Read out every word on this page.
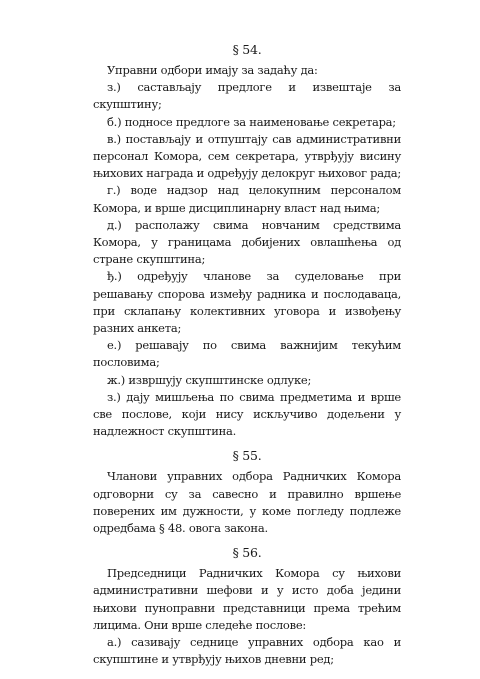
§ 54.

Управни одбори имају за задаћу да:

з.) састављају предлоге и извештаје за скупштину;

б.) подносе предлоге за наименовање секретара;

в.) постављају и отпуштају сав административни персонал Комора, сем секретара, утврђују висину њихових награда и одређују делокруг њиховог рада;

г.) воде надзор над целокупним персоналом Комора, и врше дисциплинарну власт над њима;

д.) располажу свима новчаним средствима Комора, у границама добијених овлашћења од стране скупштина;

ђ.) одређују чланове за суделовање при решавању спорова између радника и послодаваца, при склапању колективних уговора и извођењу разних анкета;

е.) решавају по свима важнијим текућим пословима;

ж.) извршују скупштинске одлуке;

з.) дају мишљења по свима предметима и врше све послове, који нису искључиво додељени у надлежност скупштина.

§ 55.

Чланови управних одбора Радничких Комора одговорни су за савесно и правилно вршење поверених им дужности, у коме погледу подлеже одредбама § 48. овога закона.

§ 56.

Председници Радничких Комора су њихови административни шефови и у исто доба једини њихови пуноправни представници према трећим лицима. Они врше следеће послове:

а.) сазивају седнице управних одбора као и скупштине и утврђују њихов дневни ред;
